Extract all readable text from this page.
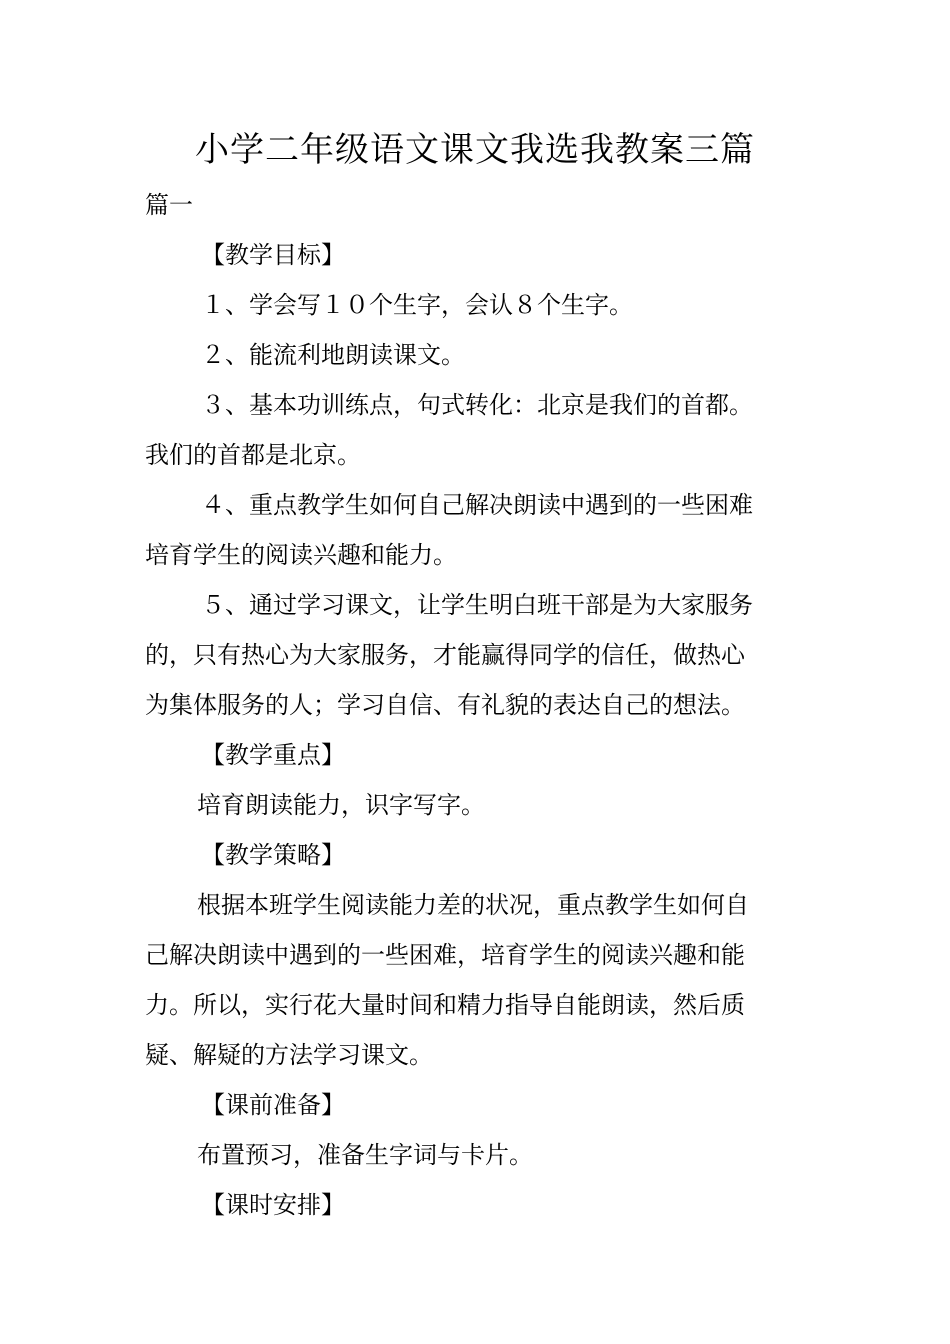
小学二年级语文课文我选我教案三篇
篇一
【教学目标】
１、学会写１０个生字，会认８个生字。
２、能流利地朗读课文。
３、基本功训练点，句式转化：北京是我们的首都。
我们的首都是北京。
４、重点教学生如何自己解决朗读中遇到的一些困难
培育学生的阅读兴趣和能力。
５、通过学习课文，让学生明白班干部是为大家服务
的，只有热心为大家服务，才能赢得同学的信任，做热心
为集体服务的人；学习自信、有礼貌的表达自己的想法。
【教学重点】
培育朗读能力，识字写字。
【教学策略】
根据本班学生阅读能力差的状况，重点教学生如何自
己解决朗读中遇到的一些困难，培育学生的阅读兴趣和能
力。所以，实行花大量时间和精力指导自能朗读，然后质
疑、解疑的方法学习课文。
【课前准备】
布置预习，准备生字词与卡片。
【课时安排】
